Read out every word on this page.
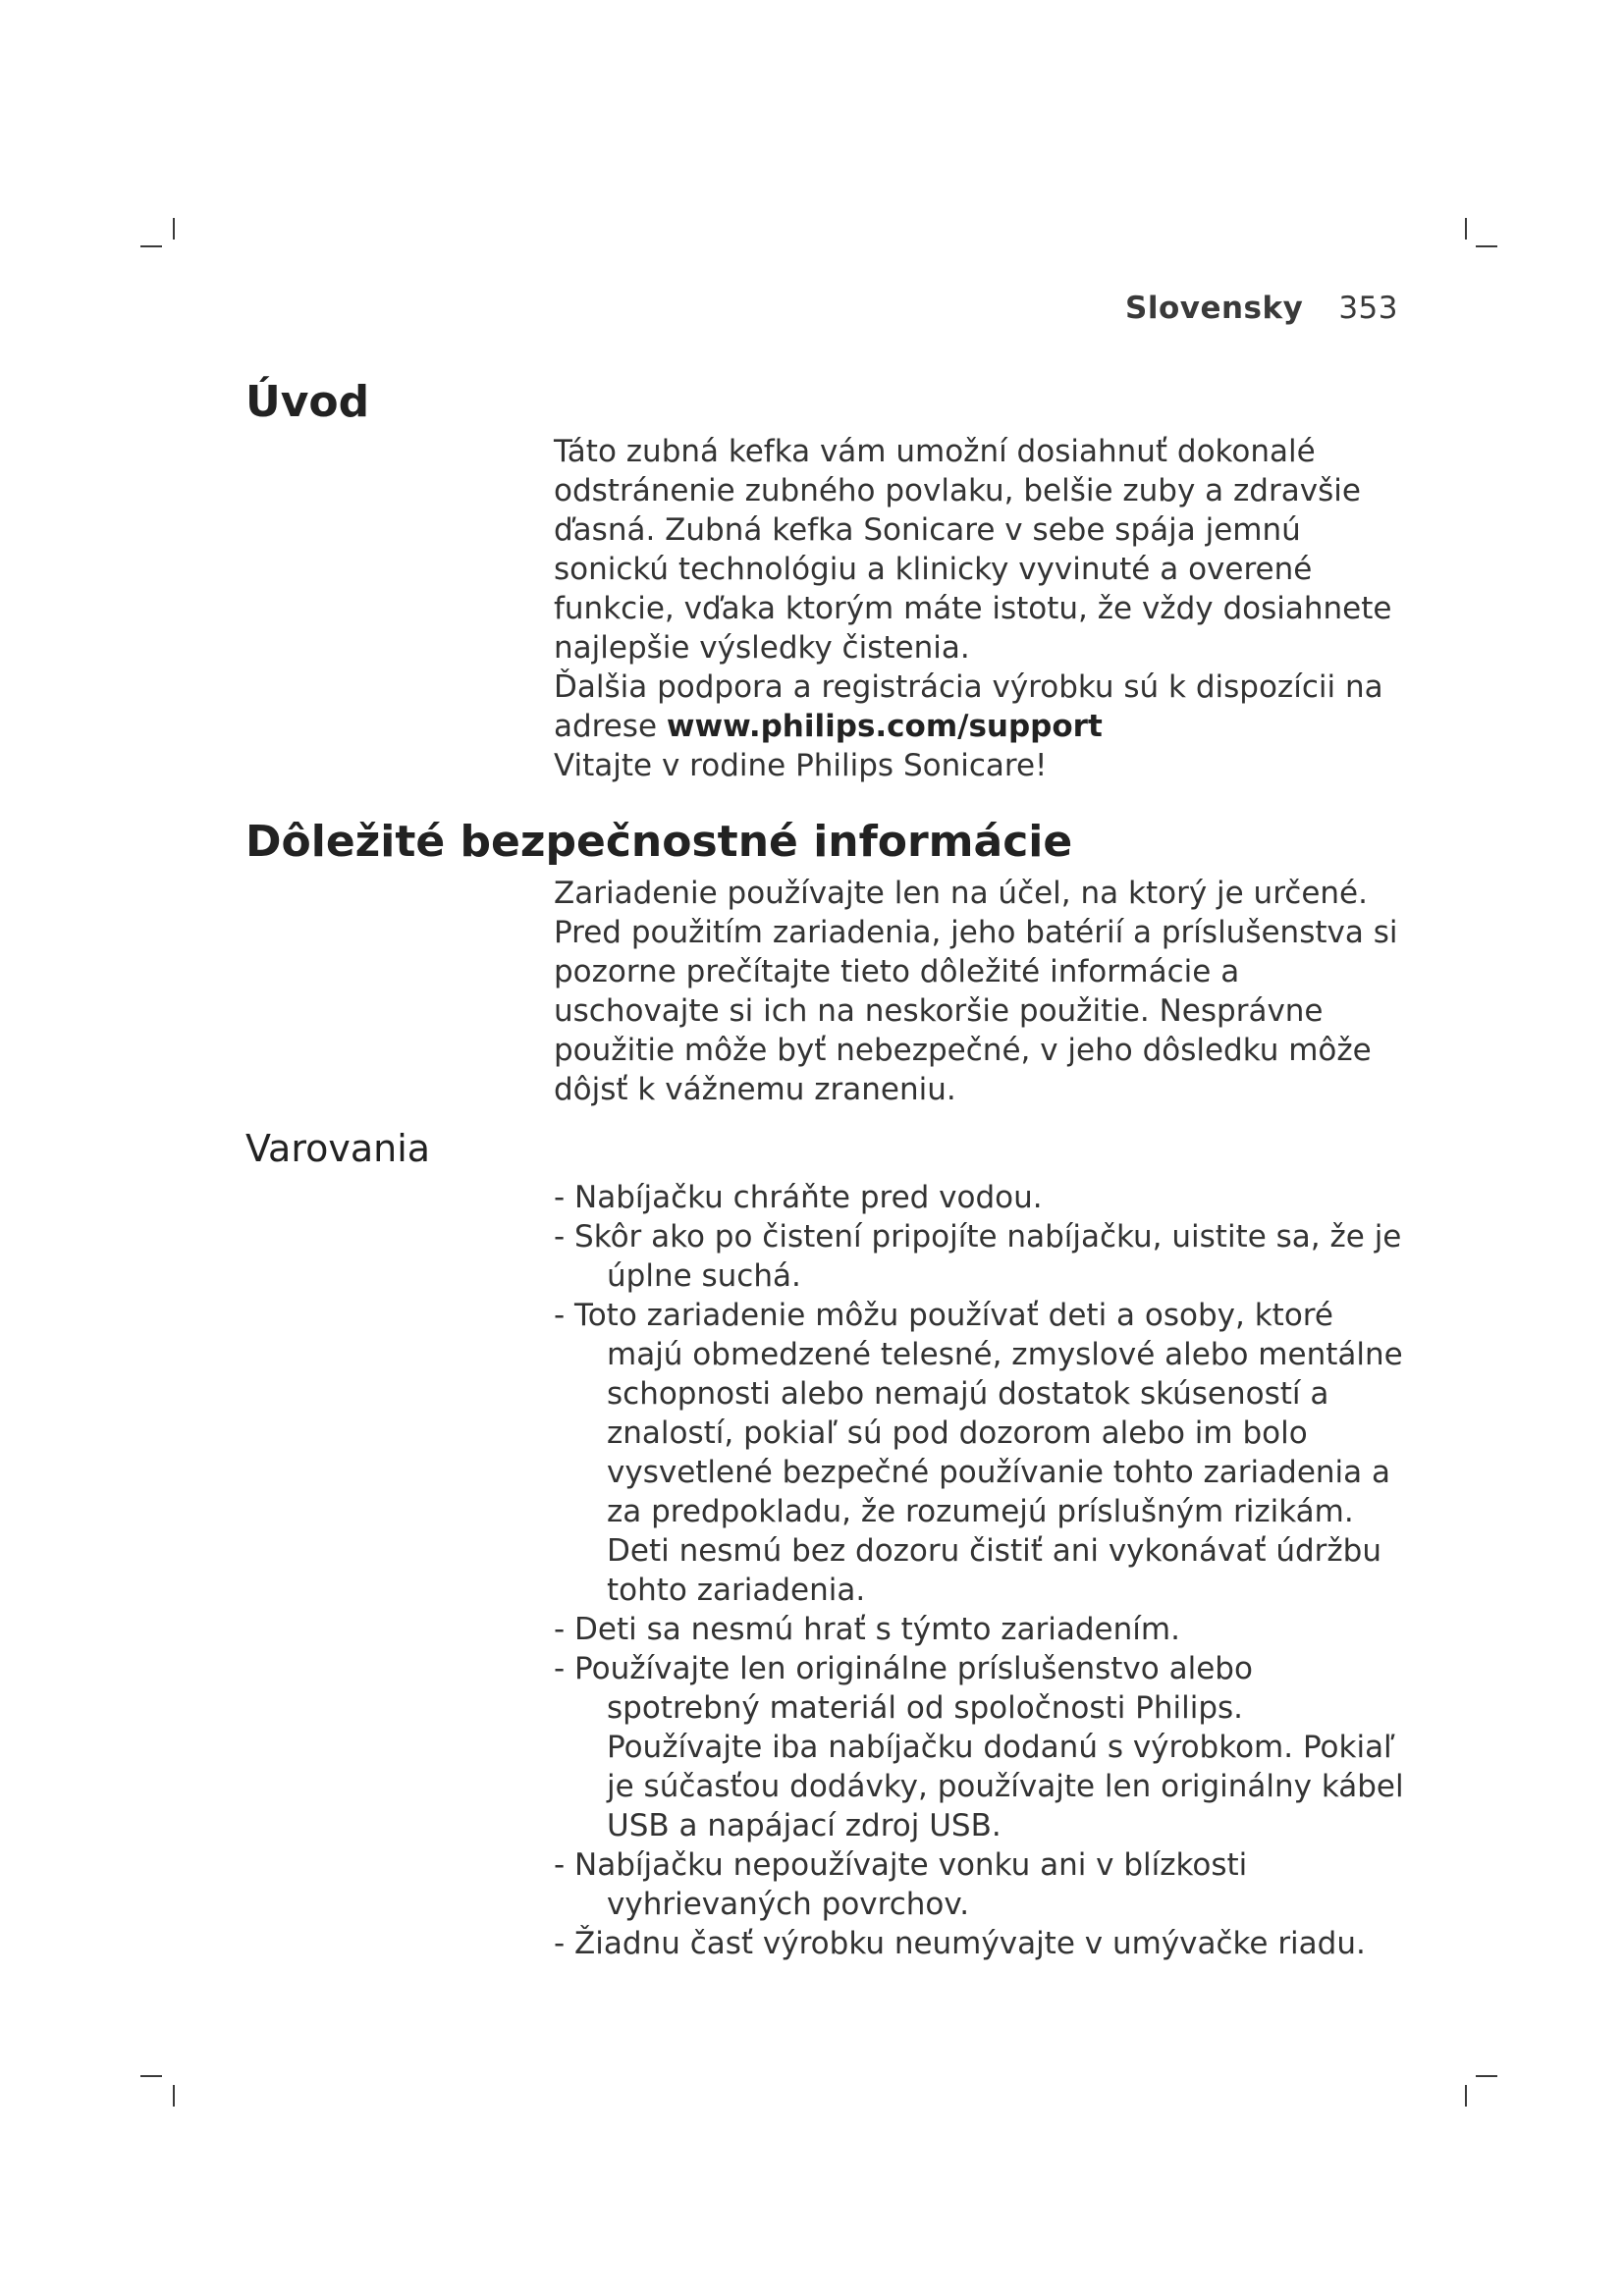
Slovensky 353
Úvod

Táto zubná kefka vám umožní dosiahnuť dokonalé odstránenie zubného povlaku, belšie zuby a zdravšie ďasná. Zubná kefka Sonicare v sebe spája jemnú sonickú technológiu a klinicky vyvinuté a overené funkcie, vďaka ktorým máte istotu, že vždy dosiahnete najlepšie výsledky čistenia.

Ďalšia podpora a registrácia výrobku sú k dispozícii na adrese www.philips.com/support

Vitajte v rodine Philips Sonicare!

Dôležité bezpečnostné informácie

Zariadenie používajte len na účel, na ktorý je určené. Pred použitím zariadenia, jeho batérií a príslušenstva si pozorne prečítajte tieto dôležité informácie a uschovajte si ich na neskoršie použitie. Nesprávne použitie môže byť nebezpečné, v jeho dôsledku môže dôjsť k vážnemu zraneniu.

Varovania
- Nabíjačku chráňte pred vodou.
- Skôr ako po čistení pripojíte nabíjačku, uistite sa, že je úplne suchá.
- Toto zariadenie môžu používať deti a osoby, ktoré majú obmedzené telesné, zmyslové alebo mentálne schopnosti alebo nemajú dostatok skúseností a znalostí, pokiaľ sú pod dozorom alebo im bolo vysvetlené bezpečné používanie tohto zariadenia a za predpokladu, že rozumejú príslušným rizikám. Deti nesmú bez dozoru čistiť ani vykonávať údržbu tohto zariadenia.
- Deti sa nesmú hrať s týmto zariadením.
- Používajte len originálne príslušenstvo alebo spotrebný materiál od spoločnosti Philips. Používajte iba nabíjačku dodanú s výrobkom. Pokiaľ je súčasťou dodávky, používajte len originálny kábel USB a napájací zdroj USB.
- Nabíjačku nepoužívajte vonku ani v blízkosti vyhrievaných povrchov.
- Žiadnu časť výrobku neumývajte v umývačke riadu.
